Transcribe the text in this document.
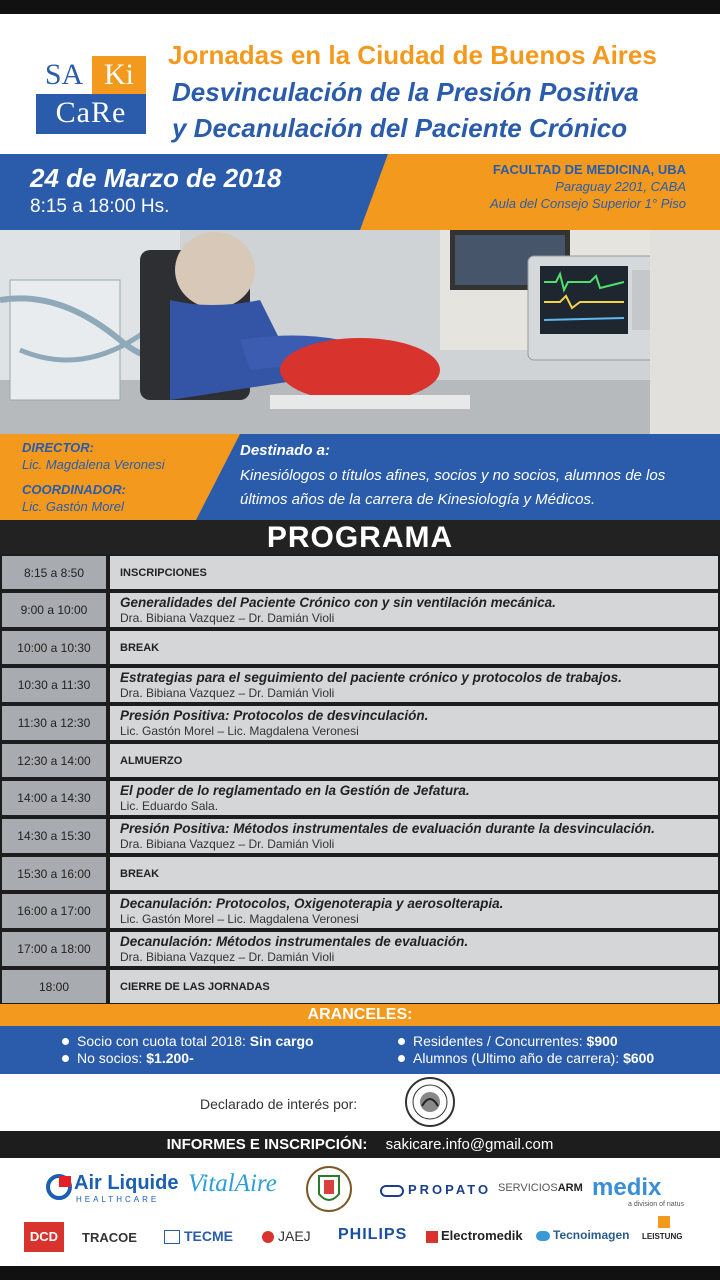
SA Ki
CaRe
Jornadas en la Ciudad de Buenos Aires
Desvinculación de la Presión Positiva
y Decanulación del Paciente Crónico
24 de Marzo de 2018
8:15 a 18:00 Hs.
FACULTAD DE MEDICINA, UBA
Paraguay 2201, CABA
Aula del Consejo Superior 1° Piso
DIRECTOR:
Lic. Magdalena Veronesi
COORDINADOR:
Lic. Gastón Morel
Destinado a:
Kinesiólogos o títulos afines, socios y no socios, alumnos de los últimos años de la carrera de Kinesiología y Médicos.
PROGRAMA
8:15 a 8:50	INSCRIPCIONES
9:00 a 10:00	Generalidades del Paciente Crónico con y sin ventilación mecánica.
Dra. Bibiana Vazquez – Dr. Damián Violi
10:00 a 10:30	BREAK
10:30 a 11:30	Estrategias para el seguimiento del paciente crónico y protocolos de trabajos.
Dra. Bibiana Vazquez – Dr. Damián Violi
11:30 a 12:30	Presión Positiva: Protocolos de desvinculación.
Lic. Gastón Morel – Lic. Magdalena Veronesi
12:30 a 14:00	ALMUERZO
14:00 a 14:30	El poder de lo reglamentado en la Gestión de Jefatura.
Lic. Eduardo Sala.
14:30 a 15:30	Presión Positiva: Métodos instrumentales de evaluación durante la desvinculación.
Dra. Bibiana Vazquez – Dr. Damián Violi
15:30 a 16:00	BREAK
16:00 a 17:00	Decanulación: Protocolos, Oxigenoterapia y aerosolterapia.
Lic. Gastón Morel – Lic. Magdalena Veronesi
17:00 a 18:00	Decanulación: Métodos instrumentales de evaluación.
Dra. Bibiana Vazquez – Dr. Damián Violi
18:00	CIERRE DE LAS JORNADAS
ARANCELES:
Socio con cuota total 2018: Sin cargo
No socios: $1.200-
Residentes / Concurrentes: $900
Alumnos (Ultimo año de carrera): $600
Declarado de interés por:
INFORMES E INSCRIPCIÓN: sakicare.info@gmail.com
Air Liquide
HEALTHCARE
VitalAire	PROPATO SERVICIOSARM medix
a division of natus
DCD	TRACOE	TECME	JAEJ PHILIPS	Electromedik	Tecnoimagen LEISTUNG
